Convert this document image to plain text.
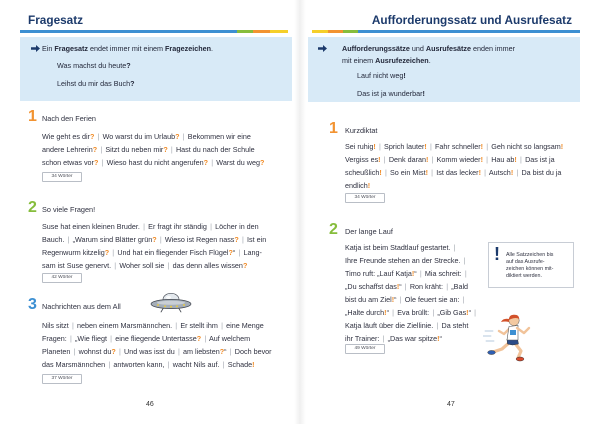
Fragesatz
Ein Fragesatz endet immer mit einem Fragezeichen.
Was machst du heute?
Leihst du mir das Buch?
1 Nach den Ferien
Wie geht es dir? | Wo warst du im Urlaub? | Bekommen wir eine
andere Lehrerin? | Sitzt du neben mir? | Hast du nach der Schule
schon etwas vor? | Wieso hast du nicht angerufen? | Warst du weg?
34 Wörter
2 So viele Fragen!
Suse hat einen kleinen Bruder. | Er fragt ihr ständig | Löcher in den
Bauch. | „Warum sind Blätter grün? | Wieso ist Regen nass? | Ist ein
Regenwurm kitzelig? | Und hat ein fliegender Fisch Flügel?“ | Lang-
sam ist Suse genervt. | Woher soll sie | das denn alles wissen?
42 Wörter
3 Nachrichten aus dem All
Nils sitzt | neben einem Marsmännchen. | Er stellt ihm | eine Menge
Fragen: | „Wie fliegt | eine fliegende Untertasse? | Auf welchem
Planeten | wohnst du? | Und was isst du | am liebsten?“ | Doch bevor
das Marsmännchen | antworten kann, | wacht Nils auf. | Schade!
37 Wörter
46
Aufforderungssatz und Ausrufesatz
Aufforderungssätze und Ausrufesätze enden immer
mit einem Ausrufezeichen.
Lauf nicht weg!
Das ist ja wunderbar!
1 Kurzdiktat
Sei ruhig! | Sprich lauter! | Fahr schneller! | Geh nicht so langsam!
Vergiss es! | Denk daran! | Komm wieder! | Hau ab! | Das ist ja
scheußlich! | So ein Mist! | Ist das lecker! | Autsch! | Da bist du ja
endlich!
34 Wörter
2 Der lange Lauf
Katja ist beim Stadtlauf gestartet. |
Ihre Freunde stehen an der Strecke. |
Timo ruft: „Lauf Katja!“ | Mia schreit: |
„Du schaffst das!“ | Ron kräht: | „Bald
bist du am Ziel!“ | Ole feuert sie an: |
„Halte durch!“ | Eva brüllt: | „Gib Gas!“ |
Katja läuft über die Ziellinie. | Da steht
ihr Trainer: | „Das war spitze!“
49 Wörter
! Alle Satzzeichen bis
auf das Ausrufe-
zeichen können mit-
diktiert werden.
47
